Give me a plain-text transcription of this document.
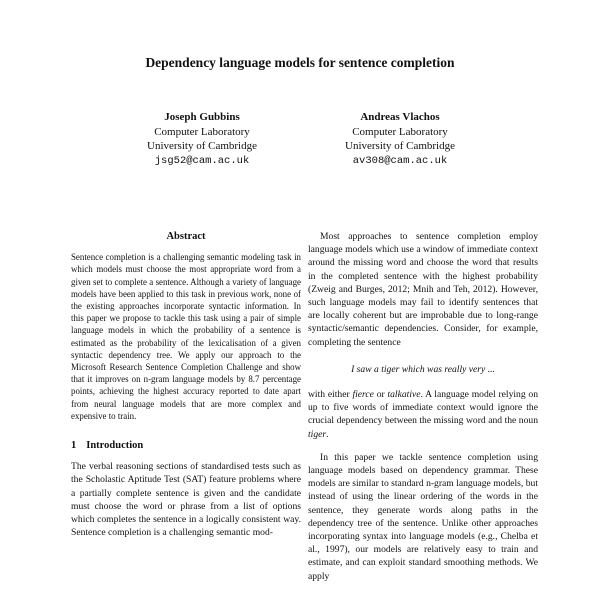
Dependency language models for sentence completion
Joseph Gubbins
Computer Laboratory
University of Cambridge
jsg52@cam.ac.uk
Andreas Vlachos
Computer Laboratory
University of Cambridge
av308@cam.ac.uk
Abstract

Sentence completion is a challenging semantic modeling task in which models must choose the most appropriate word from a given set to complete a sentence. Although a variety of language models have been applied to this task in previous work, none of the existing approaches incorporate syntactic information. In this paper we propose to tackle this task using a pair of simple language models in which the probability of a sentence is estimated as the probability of the lexicalisation of a given syntactic dependency tree. We apply our approach to the Microsoft Research Sentence Completion Challenge and show that it improves on n-gram language models by 8.7 percentage points, achieving the highest accuracy reported to date apart from neural language models that are more complex and expensive to train.

1 Introduction

The verbal reasoning sections of standardised tests such as the Scholastic Aptitude Test (SAT) feature problems where a partially complete sentence is given and the candidate must choose the word or phrase from a list of options which completes the sentence in a logically consistent way. Sentence completion is a challenging semantic mod-

Most approaches to sentence completion employ language models which use a window of immediate context around the missing word and choose the word that results in the completed sentence with the highest probability (Zweig and Burges, 2012; Mnih and Teh, 2012). However, such language models may fail to identify sentences that are locally coherent but are improbable due to long-range syntactic/semantic dependencies. Consider, for example, completing the sentence

I saw a tiger which was really very ...

with either fierce or talkative. A language model relying on up to five words of immediate context would ignore the crucial dependency between the missing word and the noun tiger.

In this paper we tackle sentence completion using language models based on dependency grammar. These models are similar to standard n-gram language models, but instead of using the linear ordering of the words in the sentence, they generate words along paths in the dependency tree of the sentence. Unlike other approaches incorporating syntax into language models (e.g., Chelba et al., 1997), our models are relatively easy to train and estimate, and can exploit standard smoothing methods. We apply
